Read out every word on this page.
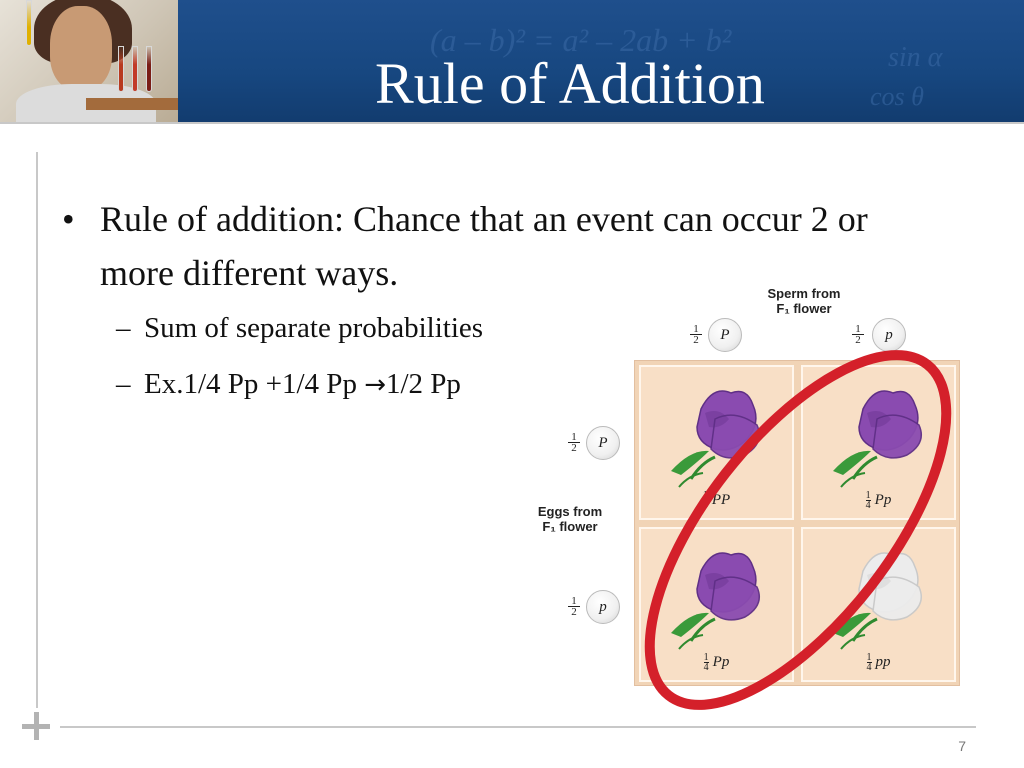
(a – b)² = a² – 2ab + b²	sin α
cos θ
Rule of Addition
• Rule of addition: Chance that an event can occur 2 or more different ways.
– Sum of separate probabilities
– Ex.1/4 Pp +1/4 Pp →1/2 Pp
Sperm from
F₁ flower
Eggs from
F₁ flower
$\frac{1}{2}$	P	$\frac{1}{2}$	p
$\frac{1}{2}$	P
$\frac{1}{2}$	p
$\frac{1}{4}$ PP	$\frac{1}{4}$ Pp
$\frac{1}{4}$ Pp	$\frac{1}{4}$ pp
7
